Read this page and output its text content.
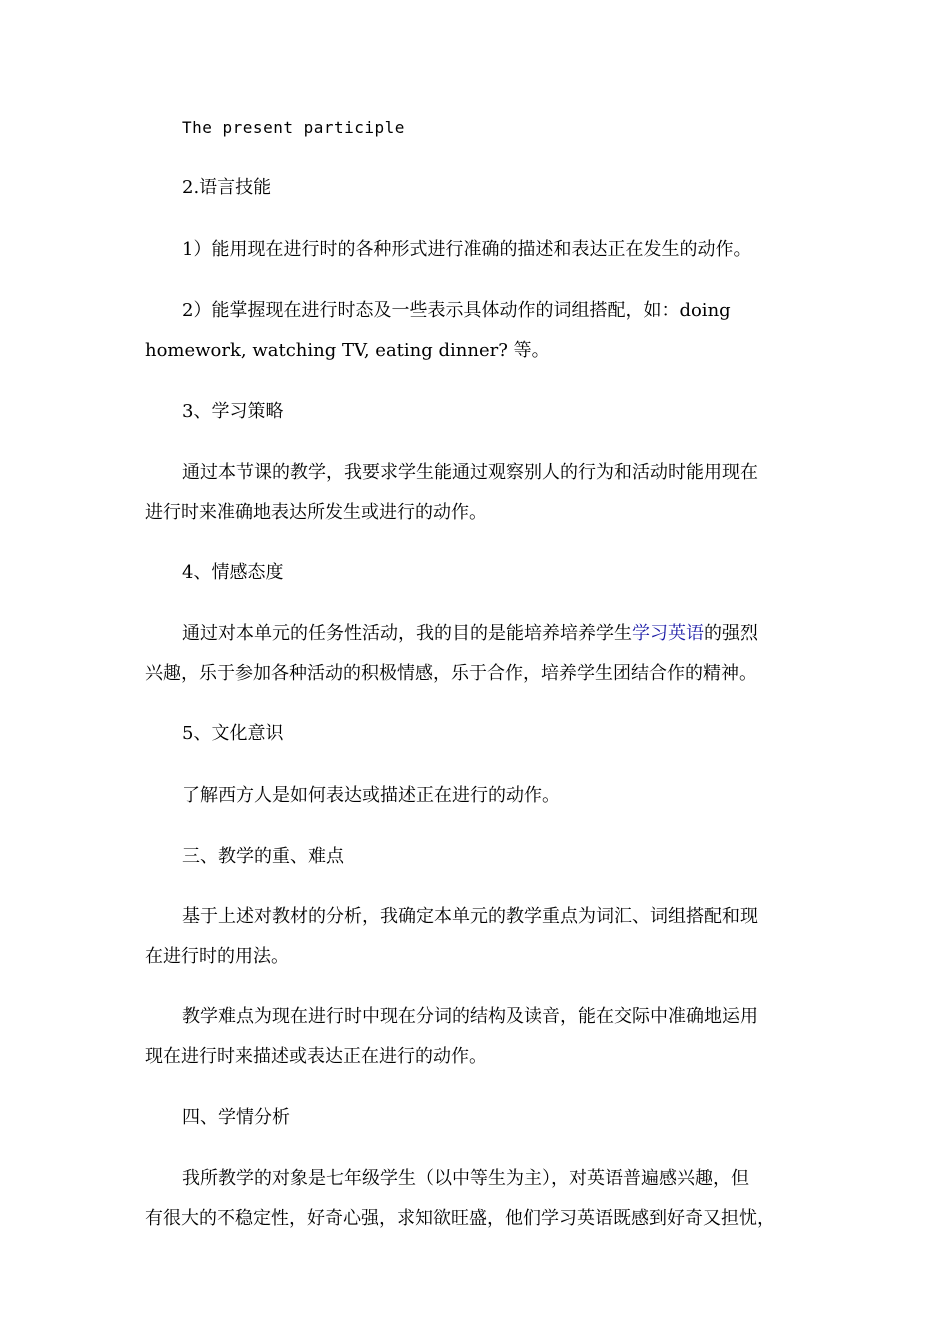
The present participle

2.语言技能

1）能用现在进行时的各种形式进行准确的描述和表达正在发生的动作。

2）能掌握现在进行时态及一些表示具体动作的词组搭配，如：doing
homework, watching TV, eating dinner? 等。

3、学习策略

通过本节课的教学，我要求学生能通过观察别人的行为和活动时能用现在
进行时来准确地表达所发生或进行的动作。

4、情感态度

通过对本单元的任务性活动，我的目的是能培养培养学生学习英语的强烈
兴趣，乐于参加各种活动的积极情感，乐于合作，培养学生团结合作的精神。

5、文化意识

了解西方人是如何表达或描述正在进行的动作。

三、教学的重、难点

基于上述对教材的分析，我确定本单元的教学重点为词汇、词组搭配和现
在进行时的用法。

教学难点为现在进行时中现在分词的结构及读音，能在交际中准确地运用
现在进行时来描述或表达正在进行的动作。

四、学情分析

我所教学的对象是七年级学生（以中等生为主），对英语普遍感兴趣，但
有很大的不稳定性，好奇心强，求知欲旺盛，他们学习英语既感到好奇又担忧，
